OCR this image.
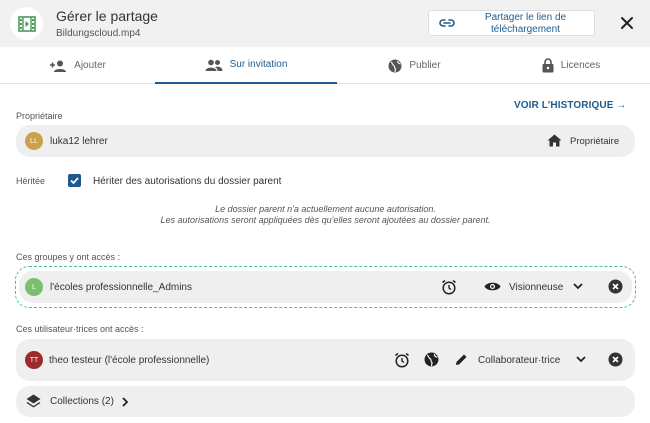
Gérer le partage
Bildungscloud.mp4
Partager le lien de téléchargement
Ajouter	Sur invitation	Publier	Licences
Propriétaire
VOIR L'HISTORIQUE →
LL	luka12 lehrer	Propriétaire
Héritée	Hériter des autorisations du dossier parent
Le dossier parent n'a actuellement aucune autorisation.
Les autorisations seront appliquées dès qu'elles seront ajoutées au dossier parent.
Ces groupes y ont accès :
L	l'écoles professionnelle_Admins	Visionneuse
Ces utilisateur·trices ont accès :
TT	theo testeur (l'école professionnelle)	Collaborateur·trice
Collections (2)
